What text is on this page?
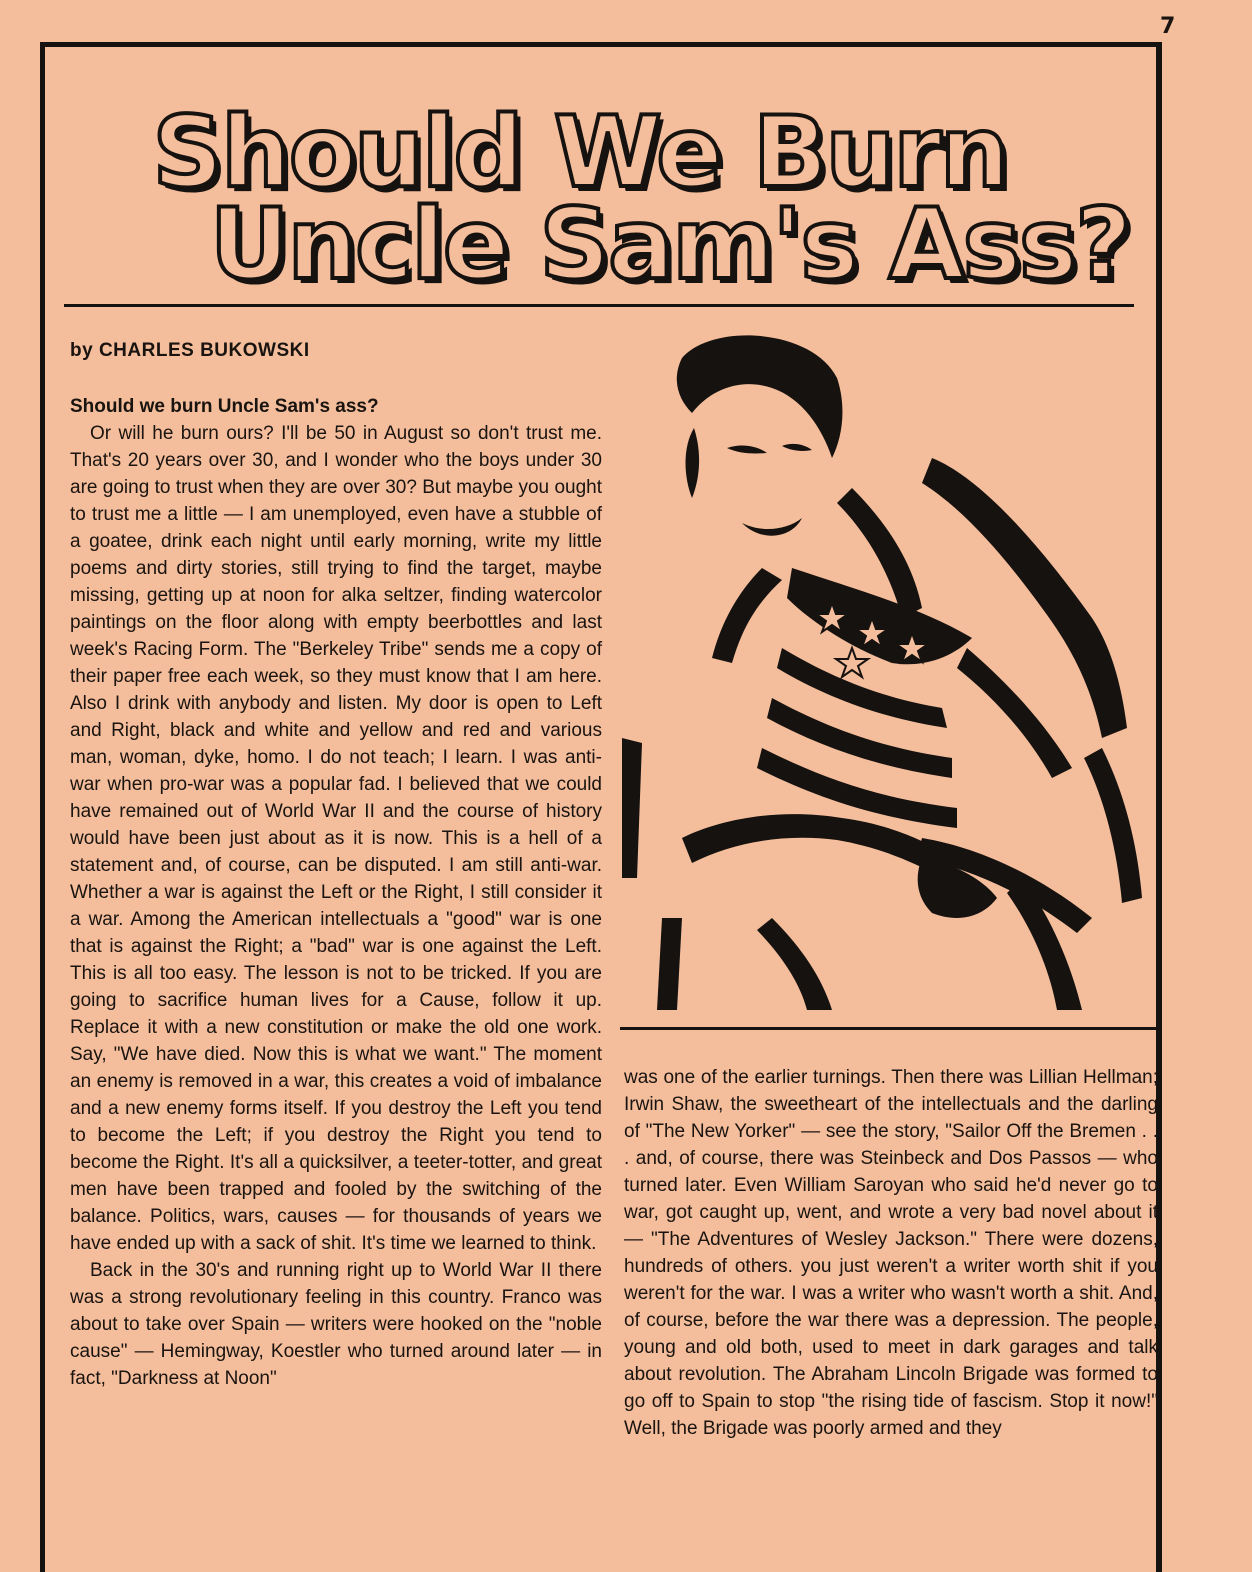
7
Should We Burn
Uncle Sam's Ass?
by CHARLES BUKOWSKI
Should we burn Uncle Sam's ass?

Or will he burn ours? I'll be 50 in August so don't trust me. That's 20 years over 30, and I wonder who the boys under 30 are going to trust when they are over 30? But maybe you ought to trust me a little — I am unemployed, even have a stubble of a goatee, drink each night until early morning, write my little poems and dirty stories, still trying to find the target, maybe missing, getting up at noon for alka seltzer, finding watercolor paintings on the floor along with empty beerbottles and last week's Racing Form. The "Berkeley Tribe" sends me a copy of their paper free each week, so they must know that I am here. Also I drink with anybody and listen. My door is open to Left and Right, black and white and yellow and red and various man, woman, dyke, homo. I do not teach; I learn. I was anti-war when pro-war was a popular fad. I believed that we could have remained out of World War II and the course of history would have been just about as it is now. This is a hell of a statement and, of course, can be disputed. I am still anti-war. Whether a war is against the Left or the Right, I still consider it a war. Among the American intellectuals a "good" war is one that is against the Right; a "bad" war is one against the Left. This is all too easy. The lesson is not to be tricked. If you are going to sacrifice human lives for a Cause, follow it up. Replace it with a new constitution or make the old one work. Say, "We have died. Now this is what we want." The moment an enemy is removed in a war, this creates a void of imbalance and a new enemy forms itself. If you destroy the Left you tend to become the Left; if you destroy the Right you tend to become the Right. It's all a quicksilver, a teeter-totter, and great men have been trapped and fooled by the switching of the balance. Politics, wars, causes — for thousands of years we have ended up with a sack of shit. It's time we learned to think.

Back in the 30's and running right up to World War II there was a strong revolutionary feeling in this country. Franco was about to take over Spain — writers were hooked on the "noble cause" — Hemingway, Koestler who turned around later — in fact, "Darkness at Noon"

was one of the earlier turnings. Then there was Lillian Hellman; Irwin Shaw, the sweetheart of the intellectuals and the darling of "The New Yorker" — see the story, "Sailor Off the Bremen . . . and, of course, there was Steinbeck and Dos Passos — who turned later. Even William Saroyan who said he'd never go to war, got caught up, went, and wrote a very bad novel about it — "The Adventures of Wesley Jackson." There were dozens, hundreds of others. you just weren't a writer worth shit if you weren't for the war. I was a writer who wasn't worth a shit. And, of course, before the war there was a depression. The people, young and old both, used to meet in dark garages and talk about revolution. The Abraham Lincoln Brigade was formed to go off to Spain to stop "the rising tide of fascism. Stop it now!" Well, the Brigade was poorly armed and they
